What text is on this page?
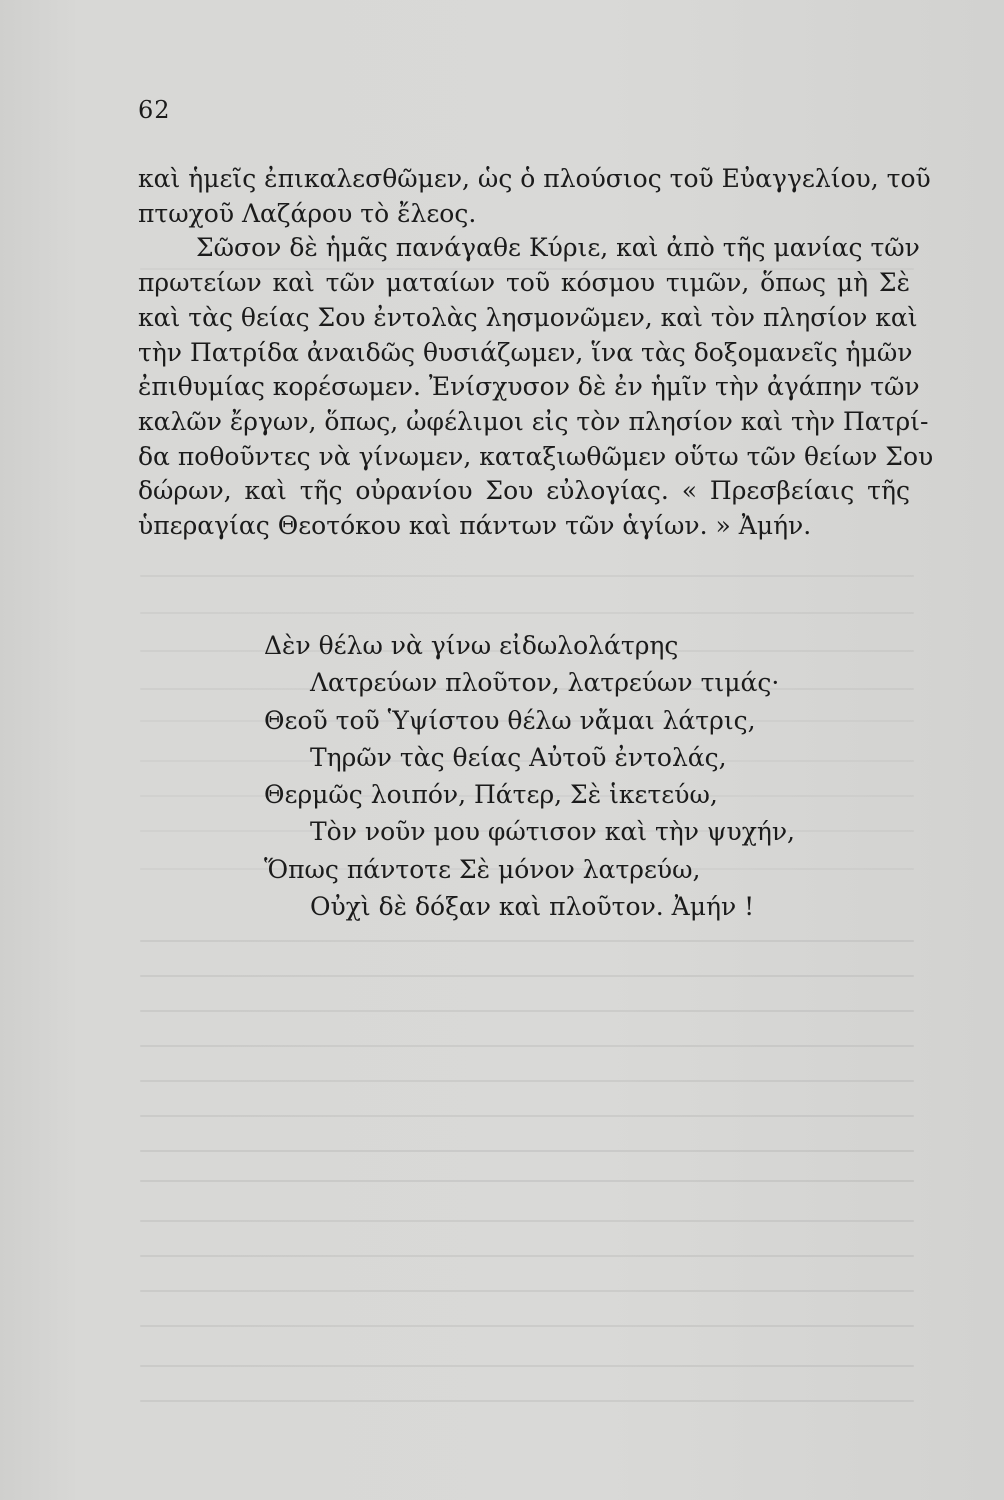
62
καὶ ἡμεῖς ἐπικαλεσθῶμεν, ὡς ὁ πλούσιος τοῦ Εὐαγγελίου, τοῦ
πτωχοῦ Λαζάρου τὸ ἔλεος.
Σῶσον δὲ ἡμᾶς πανάγαθε Κύριε, καὶ ἀπὸ τῆς μανίας τῶν
πρωτείων καὶ τῶν ματαίων τοῦ κόσμου τιμῶν, ὅπως μὴ Σὲ
καὶ τὰς θείας Σου ἐντολὰς λησμονῶμεν, καὶ τὸν πλησίον καὶ
τὴν Πατρίδα ἀναιδῶς θυσιάζωμεν, ἵνα τὰς δοξομανεῖς ἡμῶν
ἐπιθυμίας κορέσωμεν. Ἐνίσχυσον δὲ ἐν ἡμῖν τὴν ἀγάπην τῶν
καλῶν ἔργων, ὅπως, ὠφέλιμοι εἰς τὸν πλησίον καὶ τὴν Πατρί-
δα ποθοῦντες νὰ γίνωμεν, καταξιωθῶμεν οὕτω τῶν θείων Σου
δώρων, καὶ τῆς οὐρανίου Σου εὐλογίας. « Πρεσβείαις τῆς
ὑπεραγίας Θεοτόκου καὶ πάντων τῶν ἁγίων. » Ἀμήν.
Δὲν θέλω νὰ γίνω εἰδωλολάτρης
Λατρεύων πλοῦτον, λατρεύων τιμάς·
Θεοῦ τοῦ Ὑψίστου θέλω νἄμαι λάτρις,
Τηρῶν τὰς θείας Αὐτοῦ ἐντολάς,
Θερμῶς λοιπόν, Πάτερ, Σὲ ἱκετεύω,
Τὸν νοῦν μου φώτισον καὶ τὴν ψυχήν,
Ὅπως πάντοτε Σὲ μόνον λατρεύω,
Οὐχὶ δὲ δόξαν καὶ πλοῦτον. Ἀμήν !
